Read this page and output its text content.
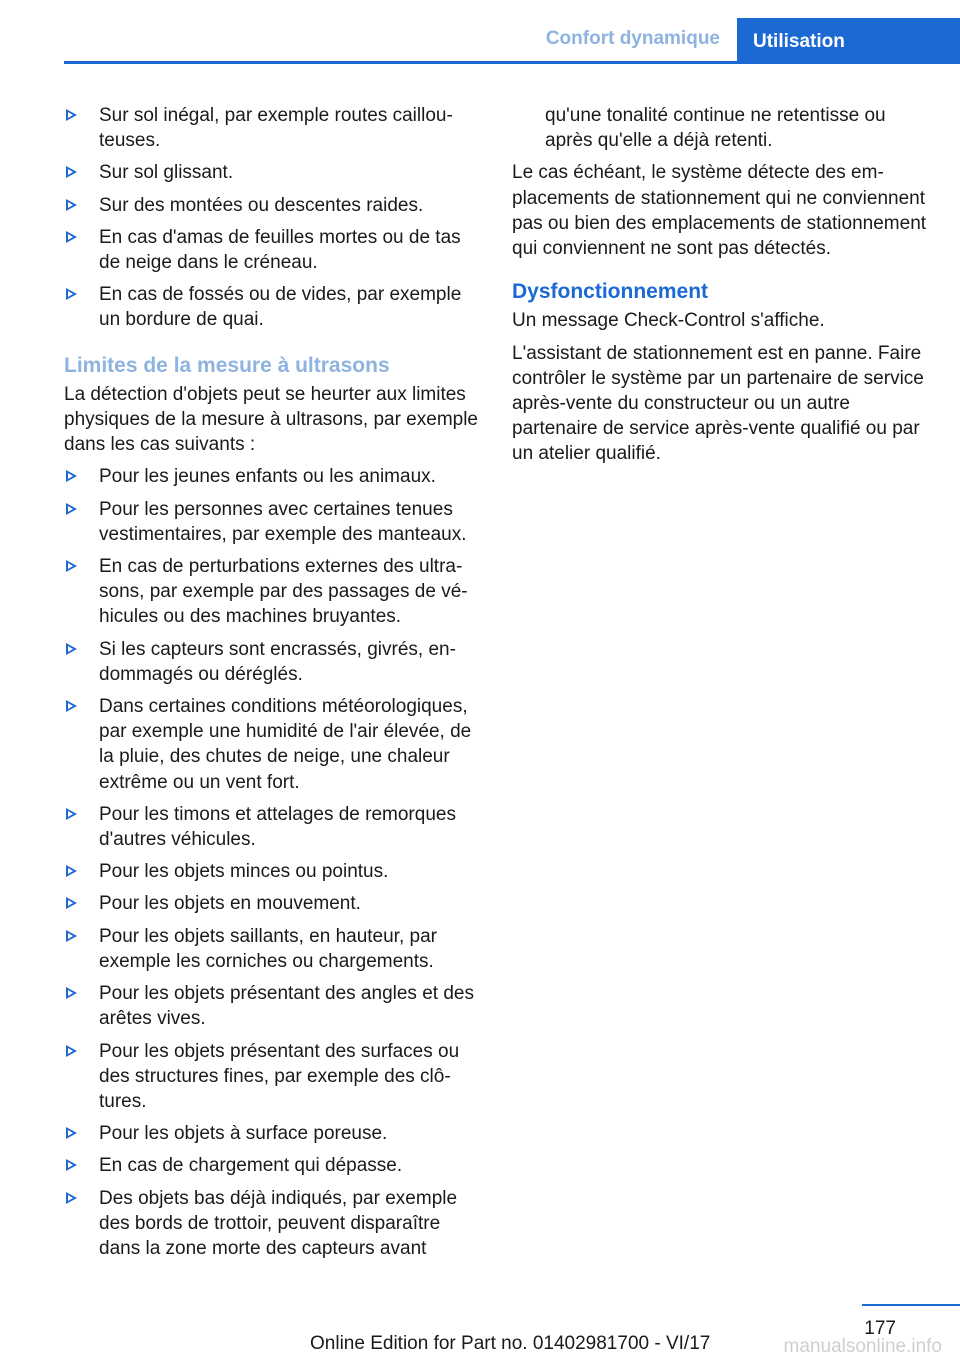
Confort dynamique	Utilisation
Sur sol inégal, par exemple routes caillouteuses.
Sur sol glissant.
Sur des montées ou descentes raides.
En cas d'amas de feuilles mortes ou de tas de neige dans le créneau.
En cas de fossés ou de vides, par exemple un bordure de quai.
Limites de la mesure à ultrasons

La détection d'objets peut se heurter aux limites physiques de la mesure à ultrasons, par exemple dans les cas suivants :

Pour les jeunes enfants ou les animaux.
Pour les personnes avec certaines tenues vestimentaires, par exemple des manteaux.
En cas de perturbations externes des ultrasons, par exemple par des passages de véhicules ou des machines bruyantes.
Si les capteurs sont encrassés, givrés, endommagés ou déréglés.
Dans certaines conditions météorologiques, par exemple une humidité de l'air élevée, de la pluie, des chutes de neige, une chaleur extrême ou un vent fort.
Pour les timons et attelages de remorques d'autres véhicules.
Pour les objets minces ou pointus.
Pour les objets en mouvement.
Pour les objets saillants, en hauteur, par exemple les corniches ou chargements.
Pour les objets présentant des angles et des arêtes vives.
Pour les objets présentant des surfaces ou des structures fines, par exemple des clôtures.
Pour les objets à surface poreuse.
En cas de chargement qui dépasse.
Des objets bas déjà indiqués, par exemple des bords de trottoir, peuvent disparaître dans la zone morte des capteurs avant
qu'une tonalité continue ne retentisse ou après qu'elle a déjà retenti.

Le cas échéant, le système détecte des emplacements de stationnement qui ne conviennent pas ou bien des emplacements de stationnement qui conviennent ne sont pas détectés.

Dysfonctionnement

Un message Check-Control s'affiche.

L'assistant de stationnement est en panne. Faire contrôler le système par un partenaire de service après-vente du constructeur ou un autre partenaire de service après-vente qualifié ou par un atelier qualifié.

177
Online Edition for Part no. 01402981700 - VI/17	manualsonline.info
